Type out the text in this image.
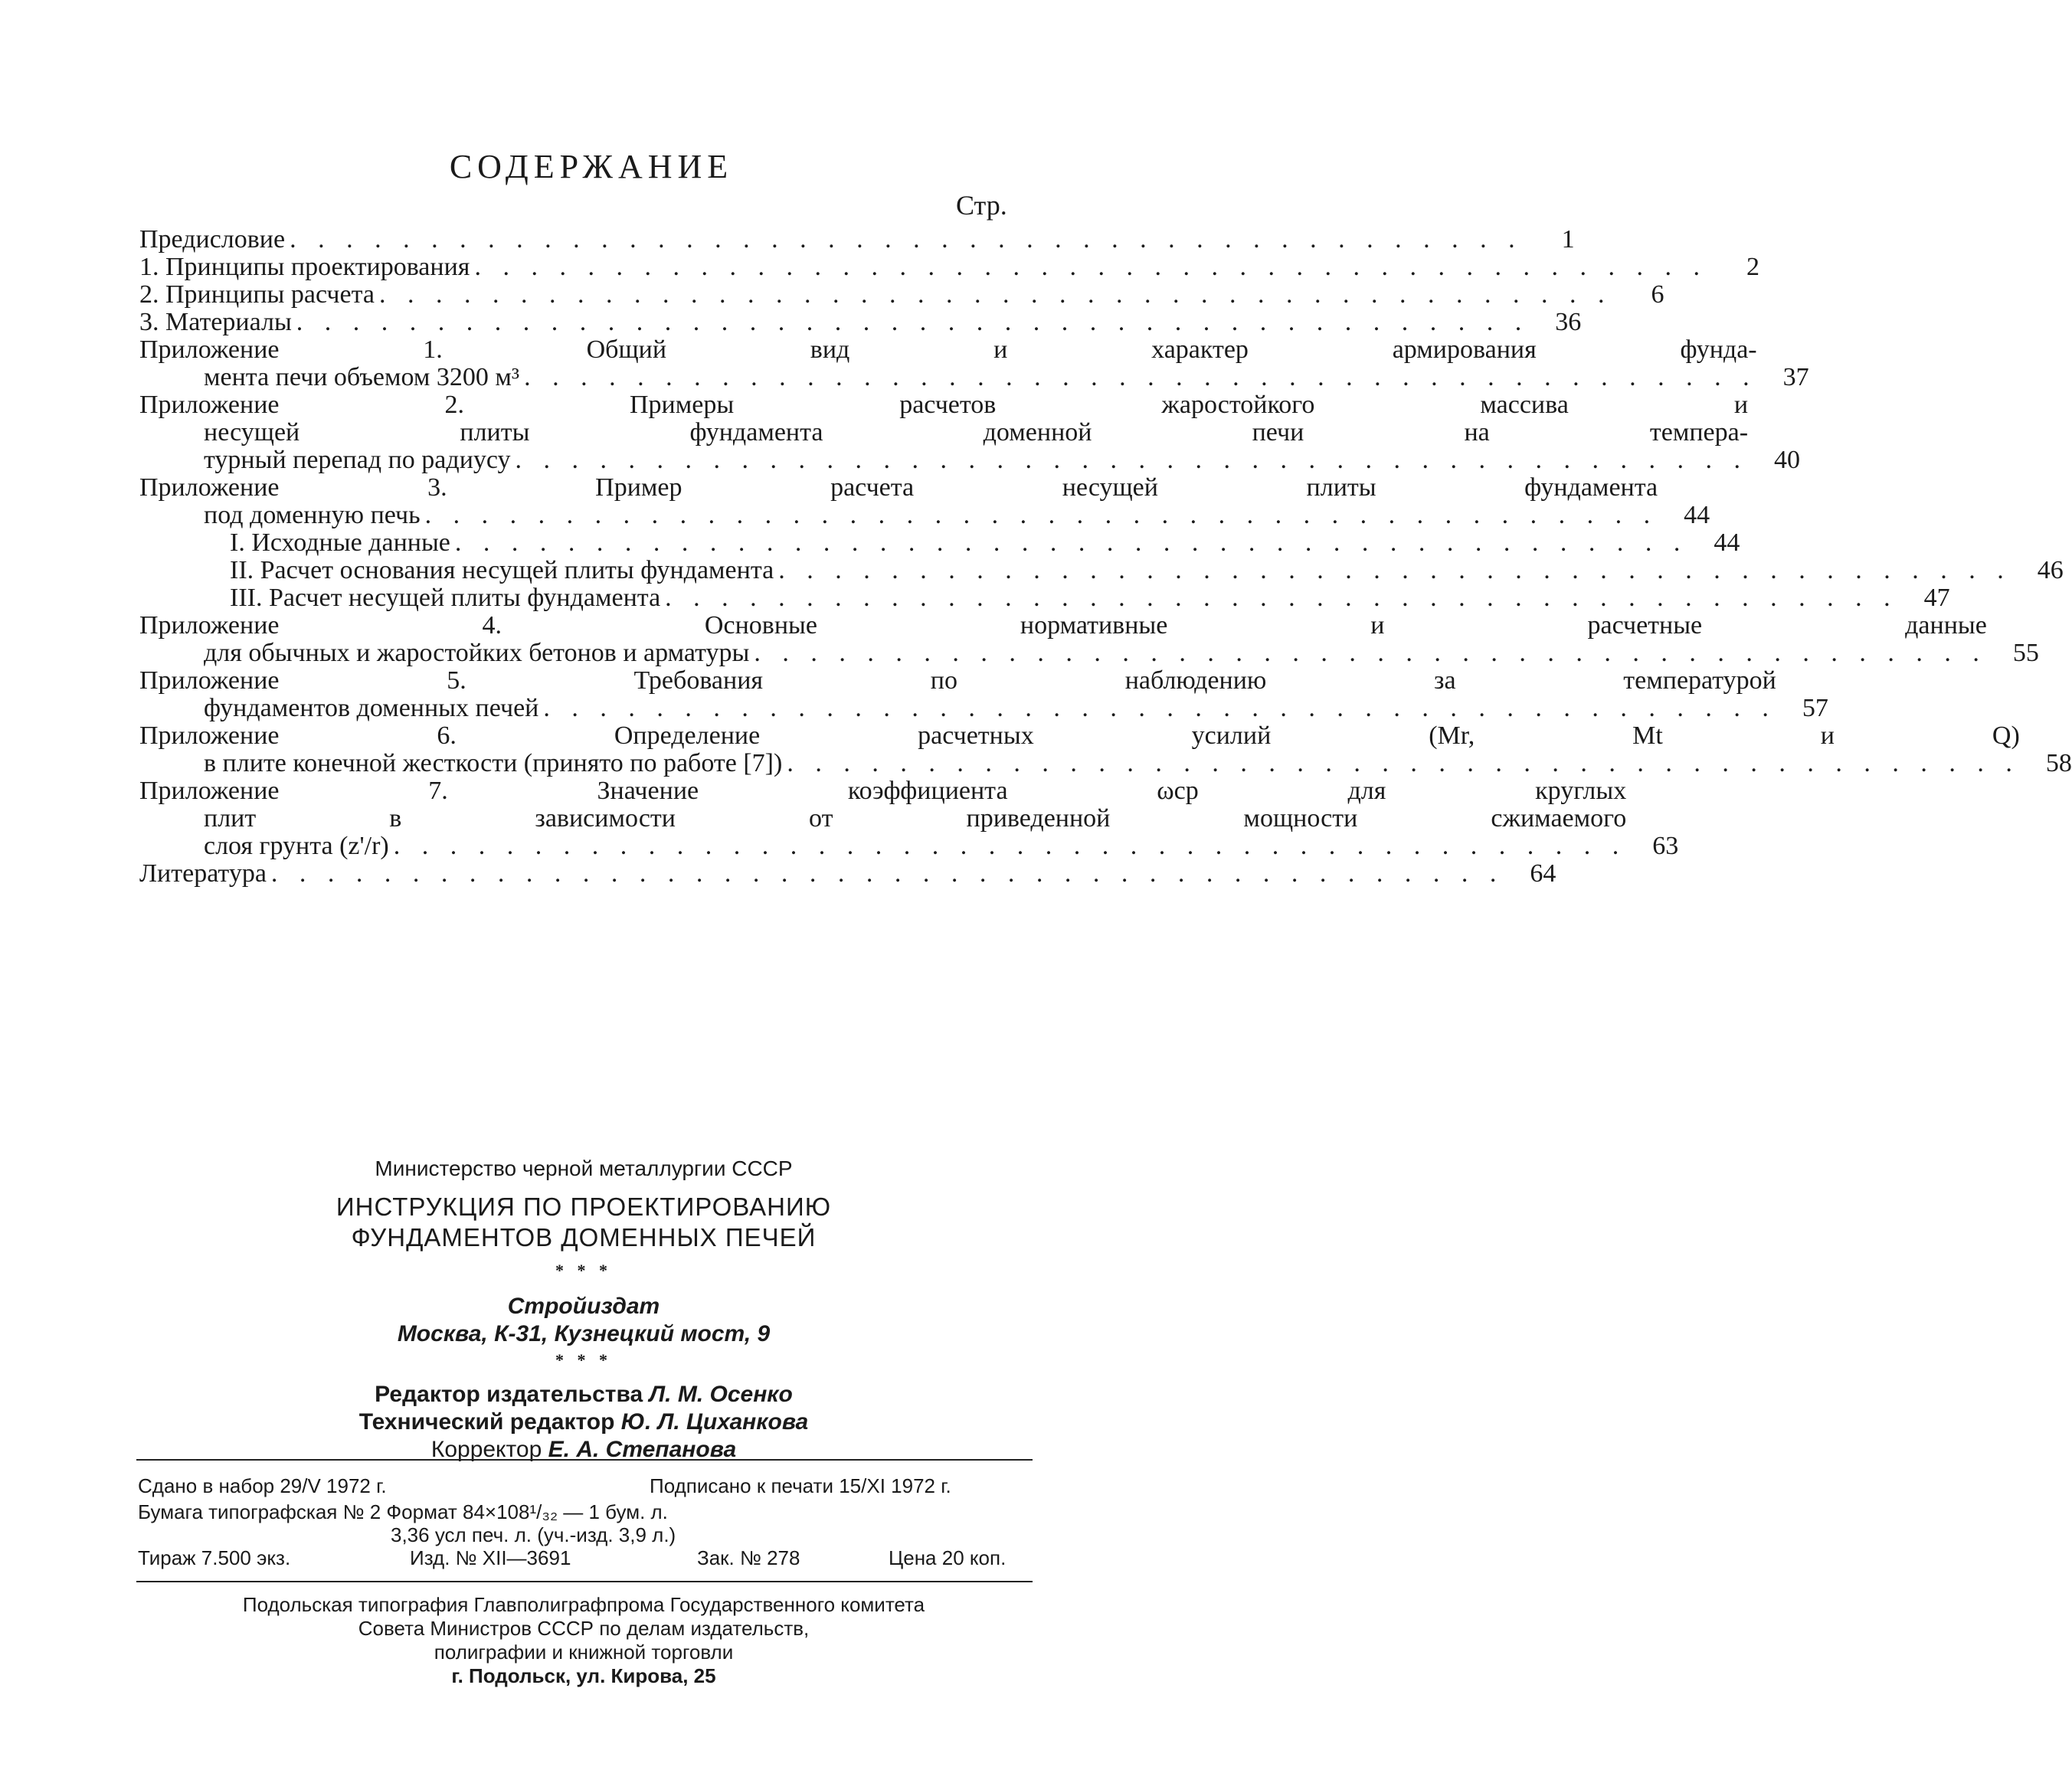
СОДЕРЖАНИЕ
Стр.
Предисловие . . . . . . . . . . . . . . . . . . . . . . . . . . . . . . . . . . . . . . . . . . . .	1
1. Принципы проектирования . . . . . . . . . . . . . . . . . . . . . . . . . . . . . . . . . . . . . . . . . . . .	2
2. Принципы расчета . . . . . . . . . . . . . . . . . . . . . . . . . . . . . . . . . . . . . . . . . . . .	6
3. Материалы . . . . . . . . . . . . . . . . . . . . . . . . . . . . . . . . . . . . . . . . . . . .	36
Приложение 1. Общий вид и характер армирования фунда-
мента печи объемом 3200 м³ . . . . . . . . . . . . . . . . . . . . . . . . . . . . . . . . . . . . . . . . . . . .	37
Приложение 2. Примеры расчетов жаростойкого массива и
несущей плиты фундамента доменной печи на темпера-
турный перепад по радиусу . . . . . . . . . . . . . . . . . . . . . . . . . . . . . . . . . . . . . . . . . . . .	40
Приложение 3. Пример расчета несущей плиты фундамента
под доменную печь . . . . . . . . . . . . . . . . . . . . . . . . . . . . . . . . . . . . . . . . . . . .	44
I. Исходные данные . . . . . . . . . . . . . . . . . . . . . . . . . . . . . . . . . . . . . . . . . . . .	44
II. Расчет основания несущей плиты фундамента . . . . . . . . . . . . . . . . . . . . . . . . . . . . . . . . . . . . . . . . . . . .	46
III. Расчет несущей плиты фундамента . . . . . . . . . . . . . . . . . . . . . . . . . . . . . . . . . . . . . . . . . . . .	47
Приложение 4. Основные нормативные и расчетные данные
для обычных и жаростойких бетонов и арматуры . . . . . . . . . . . . . . . . . . . . . . . . . . . . . . . . . . . . . . . . . . . .	55
Приложение 5. Требования по наблюдению за температурой
фундаментов доменных печей . . . . . . . . . . . . . . . . . . . . . . . . . . . . . . . . . . . . . . . . . . . .	57
Приложение 6. Определение расчетных усилий (Mr, Mt и Q)
в плите конечной жесткости (принято по работе [7]) . . . . . . . . . . . . . . . . . . . . . . . . . . . . . . . . . . . . . . . . . . . .	58
Приложение 7. Значение коэффициента ωcp для круглых
плит в зависимости от приведенной мощности сжимаемого
слоя грунта (z'/r) . . . . . . . . . . . . . . . . . . . . . . . . . . . . . . . . . . . . . . . . . . . .	63
Литература . . . . . . . . . . . . . . . . . . . . . . . . . . . . . . . . . . . . . . . . . . . .	64
Министерство черной металлургии СССР
ИНСТРУКЦИЯ ПО ПРОЕКТИРОВАНИЮ
ФУНДАМЕНТОВ ДОМЕННЫХ ПЕЧЕЙ
* * *
Стройиздат
Москва, К-31, Кузнецкий мост, 9
* * *
Редактор издательства Л. М. Осенко
Технический редактор Ю. Л. Циханкова
Корректор Е. А. Степанова
Сдано в набор 29/V 1972 г.	Подписано к печати 15/XI 1972 г.
Бумага типографская № 2 Формат 84×108¹/₃₂ — 1 бум. л.
3,36 усл печ. л. (уч.-изд. 3,9 л.)
Тираж 7.500 экз.	Изд. № XII—3691	Зак. № 278	Цена 20 коп.
Подольская типография Главполиграфпрома Государственного комитета
Совета Министров СССР по делам издательств,
полиграфии и книжной торговли
г. Подольск, ул. Кирова, 25
